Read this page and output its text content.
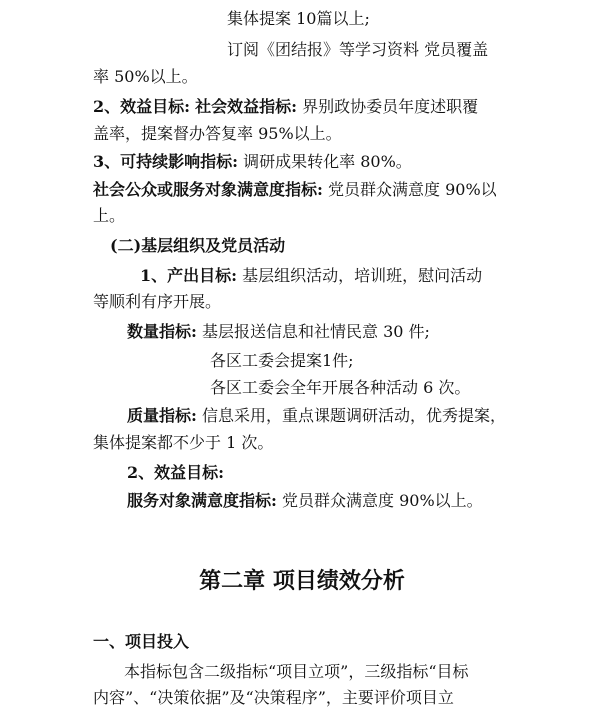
集体提案 10篇以上;
订阅《团结报》等学习资料 党员覆盖
率 50%以上。
2、效益目标: 社会效益指标: 界别政协委员年度述职覆
盖率，提案督办答复率 95%以上。
3、可持续影响指标: 调研成果转化率 80%。
社会公众或服务对象满意度指标: 党员群众满意度 90%以
上。
(二)基层组织及党员活动
1、产出目标: 基层组织活动，培训班，慰问活动
等顺利有序开展。
数量指标: 基层报送信息和社情民意 30 件;
各区工委会提案1件;
各区工委会全年开展各种活动 6 次。
质量指标: 信息采用，重点课题调研活动，优秀提案，
集体提案都不少于 1 次。
2、效益目标:
服务对象满意度指标: 党员群众满意度 90%以上。
第二章 项目绩效分析
一、项目投入
本指标包含二级指标“项目立项”，三级指标“目标
内容”、“决策依据”及“决策程序”，主要评价项目立
